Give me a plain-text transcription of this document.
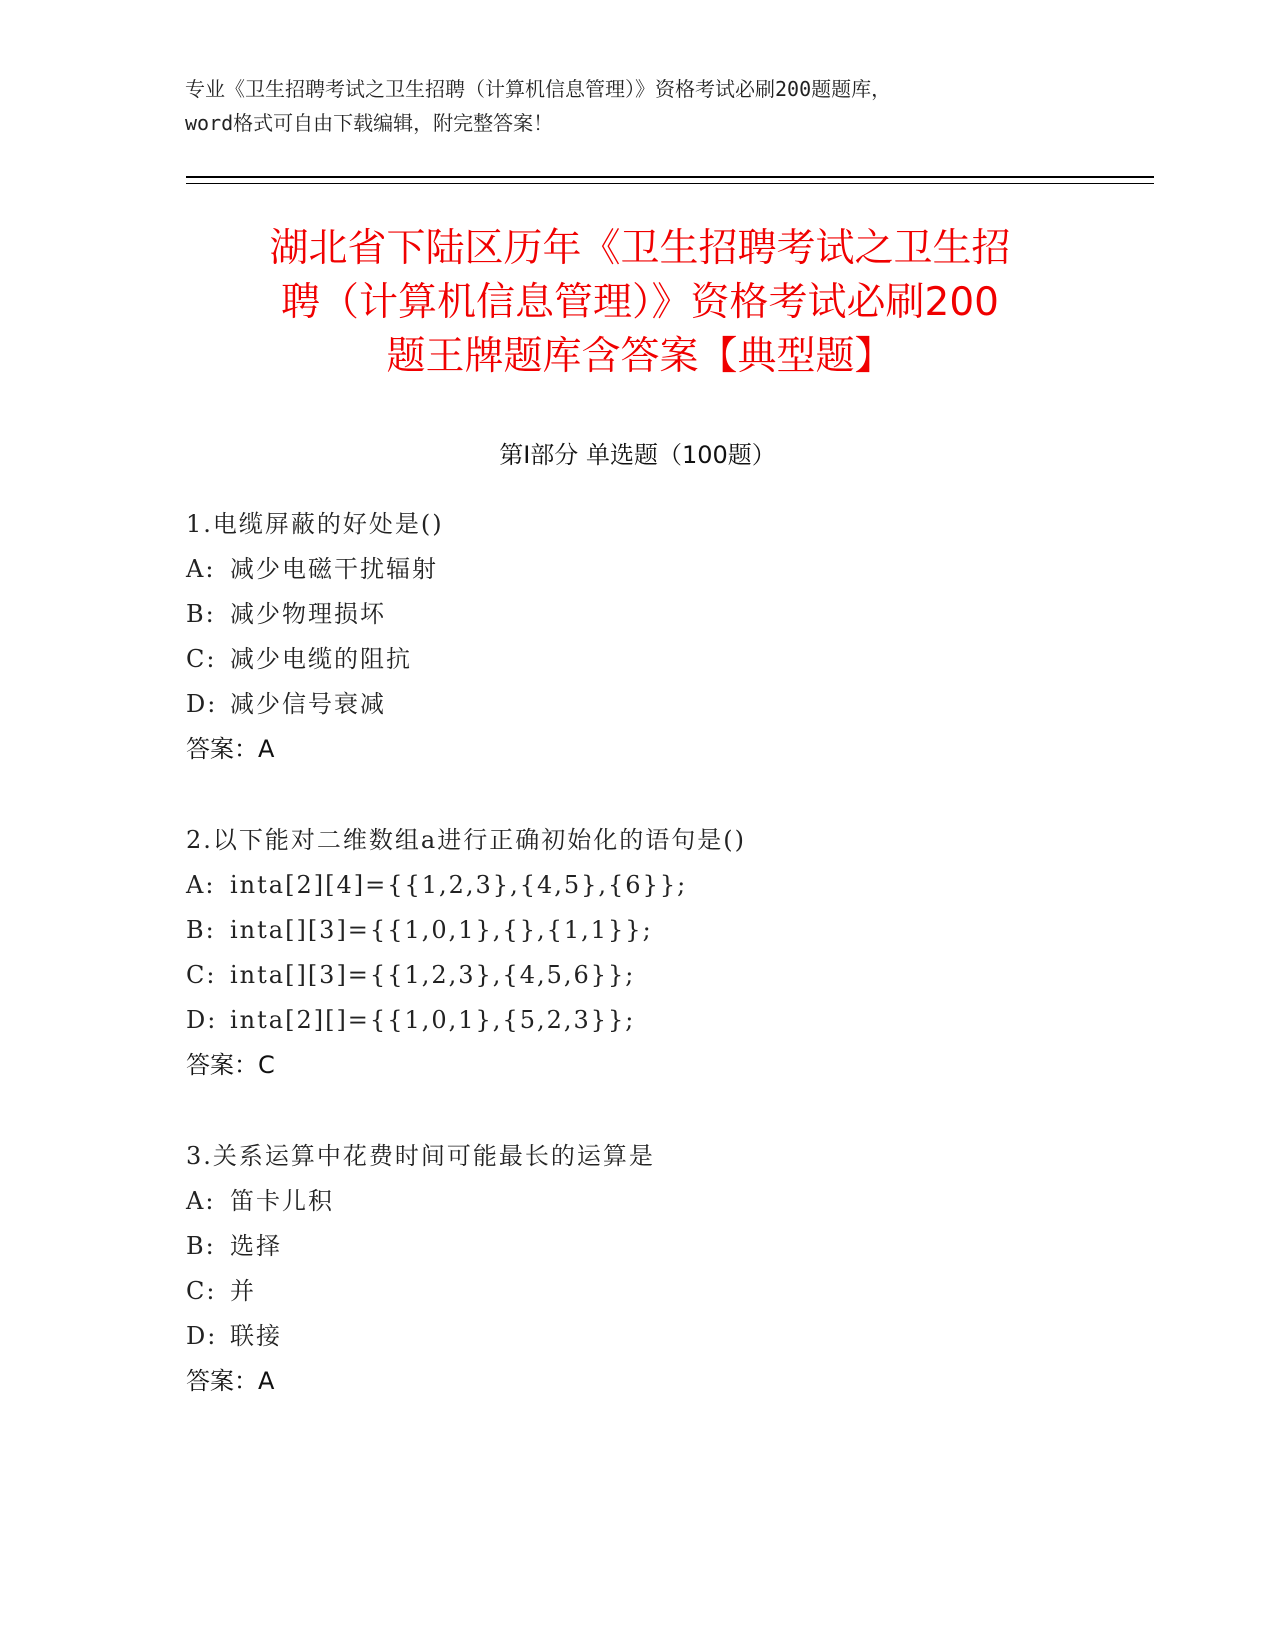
专业《卫生招聘考试之卫生招聘（计算机信息管理）》资格考试必刷200题题库，
word格式可自由下载编辑，附完整答案！
湖北省下陆区历年《卫生招聘考试之卫生招
聘（计算机信息管理）》资格考试必刷200
题王牌题库含答案【典型题】
第Ⅰ部分 单选题（100题）
1.电缆屏蔽的好处是()
A: 减少电磁干扰辐射
B: 减少物理损坏
C: 减少电缆的阻抗
D: 减少信号衰减
答案：A
2.以下能对二维数组a进行正确初始化的语句是()
A: inta[2][4]={{1,2,3},{4,5},{6}};
B: inta[][3]={{1,0,1},{},{1,1}};
C: inta[][3]={{1,2,3},{4,5,6}};
D: inta[2][]={{1,0,1},{5,2,3}};
答案：C
3.关系运算中花费时间可能最长的运算是
A: 笛卡儿积
B: 选择
C: 并
D: 联接
答案：A
